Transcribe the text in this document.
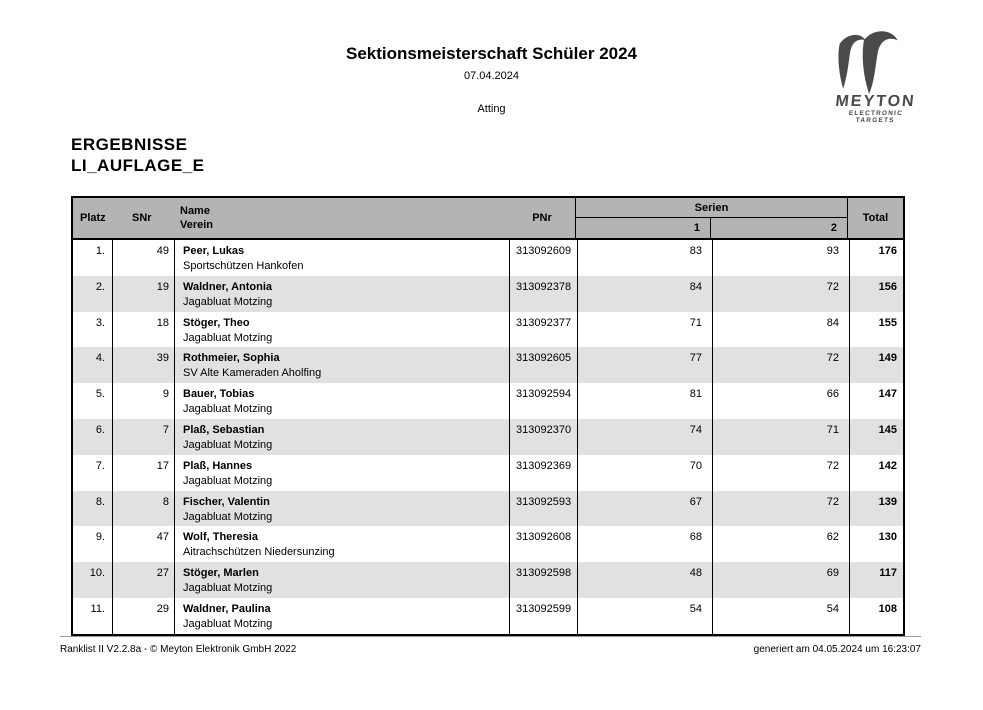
Sektionsmeisterschaft Schüler 2024
07.04.2024
Atting	MEYTON
ELECTRONIC TARGETS
ERGEBNISSE
LI_AUFLAGE_E
Platz SNr
Name
Verein
PNr
Serien
1	2
Total
1.	49	Peer, Lukas
Sportschützen Hankofen
313092609	83	93	176
2.	19	Waldner, Antonia
Jagabluat Motzing
313092378	84	72	156
3.	18	Stöger, Theo
Jagabluat Motzing
313092377	71	84	155
4.	39	Rothmeier, Sophia
SV Alte Kameraden Aholfing
313092605	77	72	149
5.	9	Bauer, Tobias
Jagabluat Motzing
313092594	81	66	147
6.	7	Plaß, Sebastian
Jagabluat Motzing
313092370	74	71	145
7.	17	Plaß, Hannes
Jagabluat Motzing
313092369	70	72	142
8.	8	Fischer, Valentin
Jagabluat Motzing
313092593	67	72	139
9.	47	Wolf, Theresia
Aitrachschützen Niedersunzing
313092608	68	62	130
10.	27	Stöger, Marlen
Jagabluat Motzing
313092598	48	69	117
11.	29	Waldner, Paulina
Jagabluat Motzing
313092599	54	54	108
Ranklist II V2.2.8a - © Meyton Elektronik GmbH 2022	generiert am 04.05.2024 um 16:23:07
